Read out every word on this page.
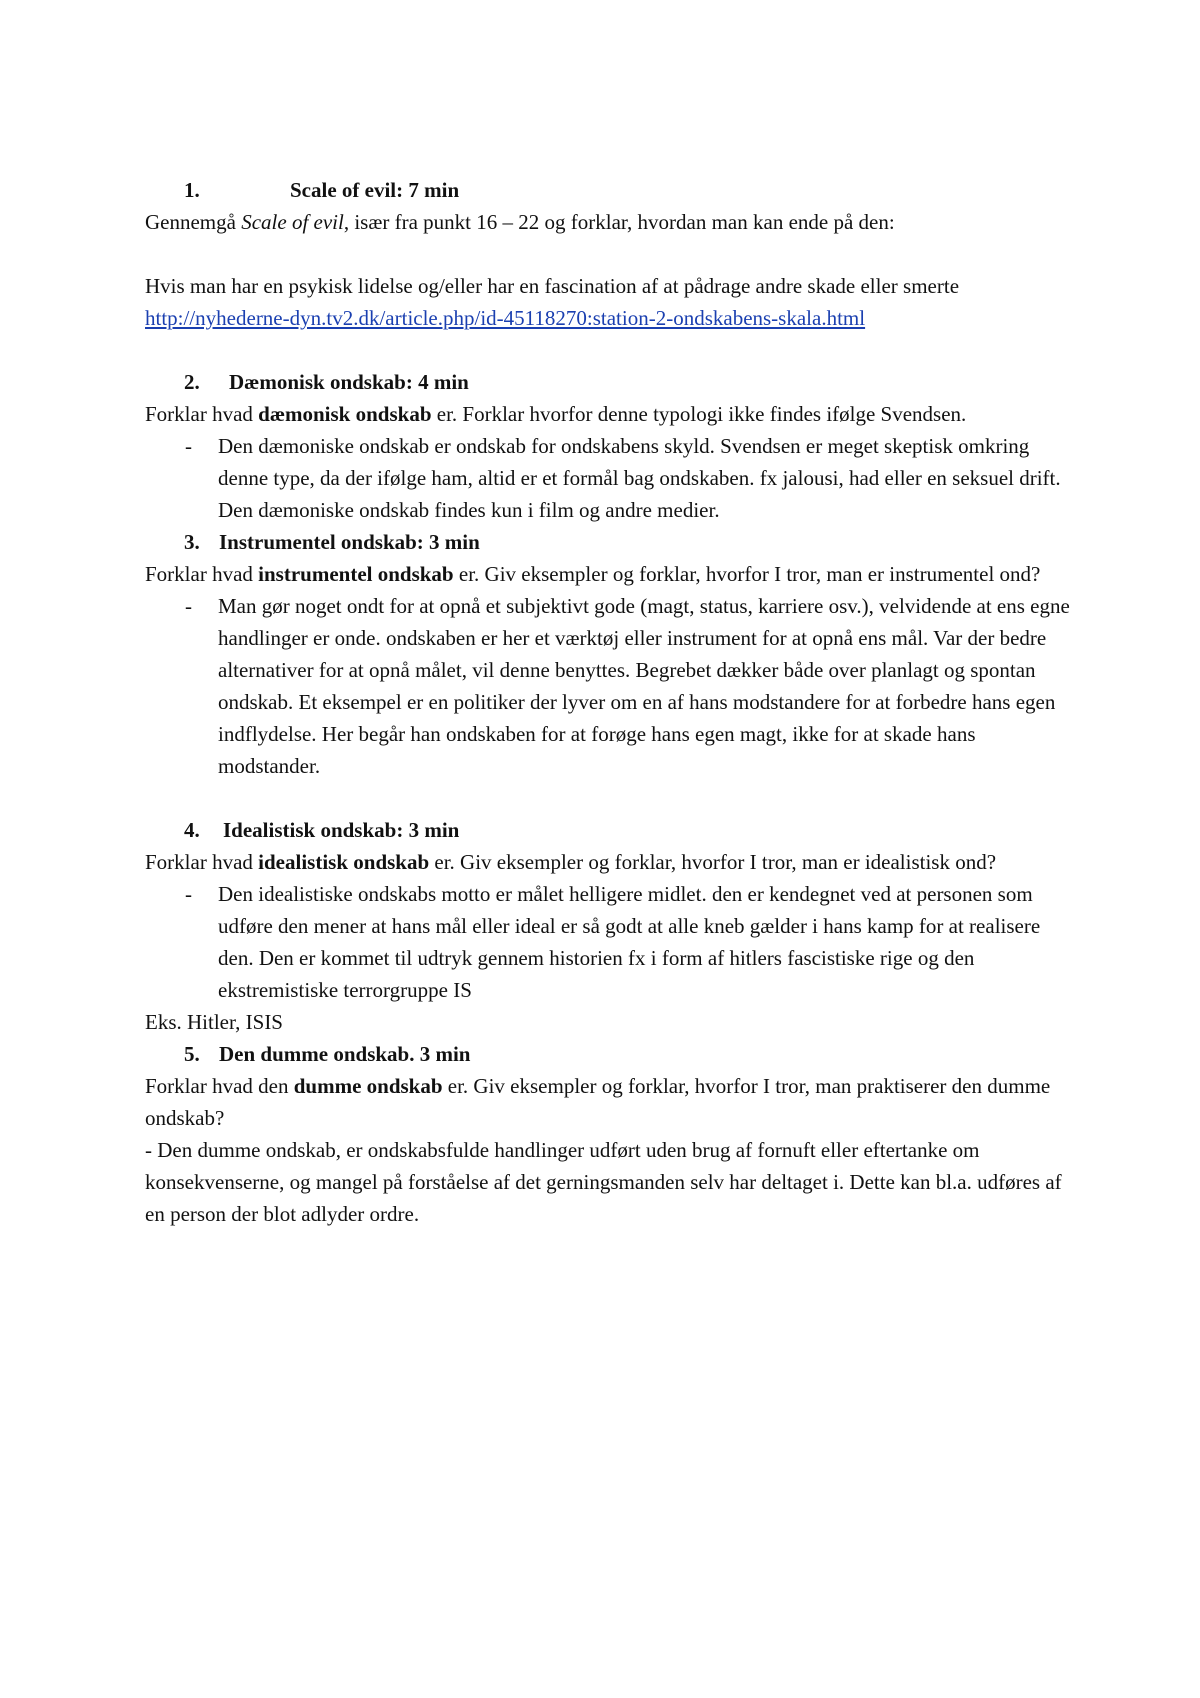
1.	Scale of evil: 7 min

Gennemgå Scale of evil, især fra punkt 16 – 22 og forklar, hvordan man kan ende på den:

Hvis man har en psykisk lidelse og/eller har en fascination af at pådrage andre skade eller smerte

http://nyhederne-dyn.tv2.dk/article.php/id-45118270:station-2-ondskabens-skala.html

2. Dæmonisk ondskab: 4 min

Forklar hvad dæmonisk ondskab er. Forklar hvorfor denne typologi ikke findes ifølge Svendsen.

- Den dæmoniske ondskab er ondskab for ondskabens skyld. Svendsen er meget skeptisk omkring denne type, da der ifølge ham, altid er et formål bag ondskaben. fx jalousi, had eller en seksuel drift. Den dæmoniske ondskab findes kun i film og andre medier.
3. Instrumentel ondskab: 3 min

Forklar hvad instrumentel ondskab er. Giv eksempler og forklar, hvorfor I tror, man er instrumentel ond?

- Man gør noget ondt for at opnå et subjektivt gode (magt, status, karriere osv.), velvidende at ens egne handlinger er onde. ondskaben er her et værktøj eller instrument for at opnå ens mål. Var der bedre alternativer for at opnå målet, vil denne benyttes. Begrebet dækker både over planlagt og spontan ondskab. Et eksempel er en politiker der lyver om en af hans modstandere for at forbedre hans egen indflydelse. Her begår han ondskaben for at forøge hans egen magt, ikke for at skade hans modstander.
4. Idealistisk ondskab: 3 min

Forklar hvad idealistisk ondskab er. Giv eksempler og forklar, hvorfor I tror, man er idealistisk ond?

- Den idealistiske ondskabs motto er målet helligere midlet. den er kendegnet ved at personen som udføre den mener at hans mål eller ideal er så godt at alle kneb gælder i hans kamp for at realisere den. Den er kommet til udtryk gennem historien fx i form af hitlers fascistiske rige og den ekstremistiske terrorgruppe IS

Eks. Hitler, ISIS

5. Den dumme ondskab. 3 min

Forklar hvad den dumme ondskab er. Giv eksempler og forklar, hvorfor I tror, man praktiserer den dumme ondskab?

- Den dumme ondskab, er ondskabsfulde handlinger udført uden brug af fornuft eller eftertanke om konsekvenserne, og mangel på forståelse af det gerningsmanden selv har deltaget i. Dette kan bl.a. udføres af en person der blot adlyder ordre.
